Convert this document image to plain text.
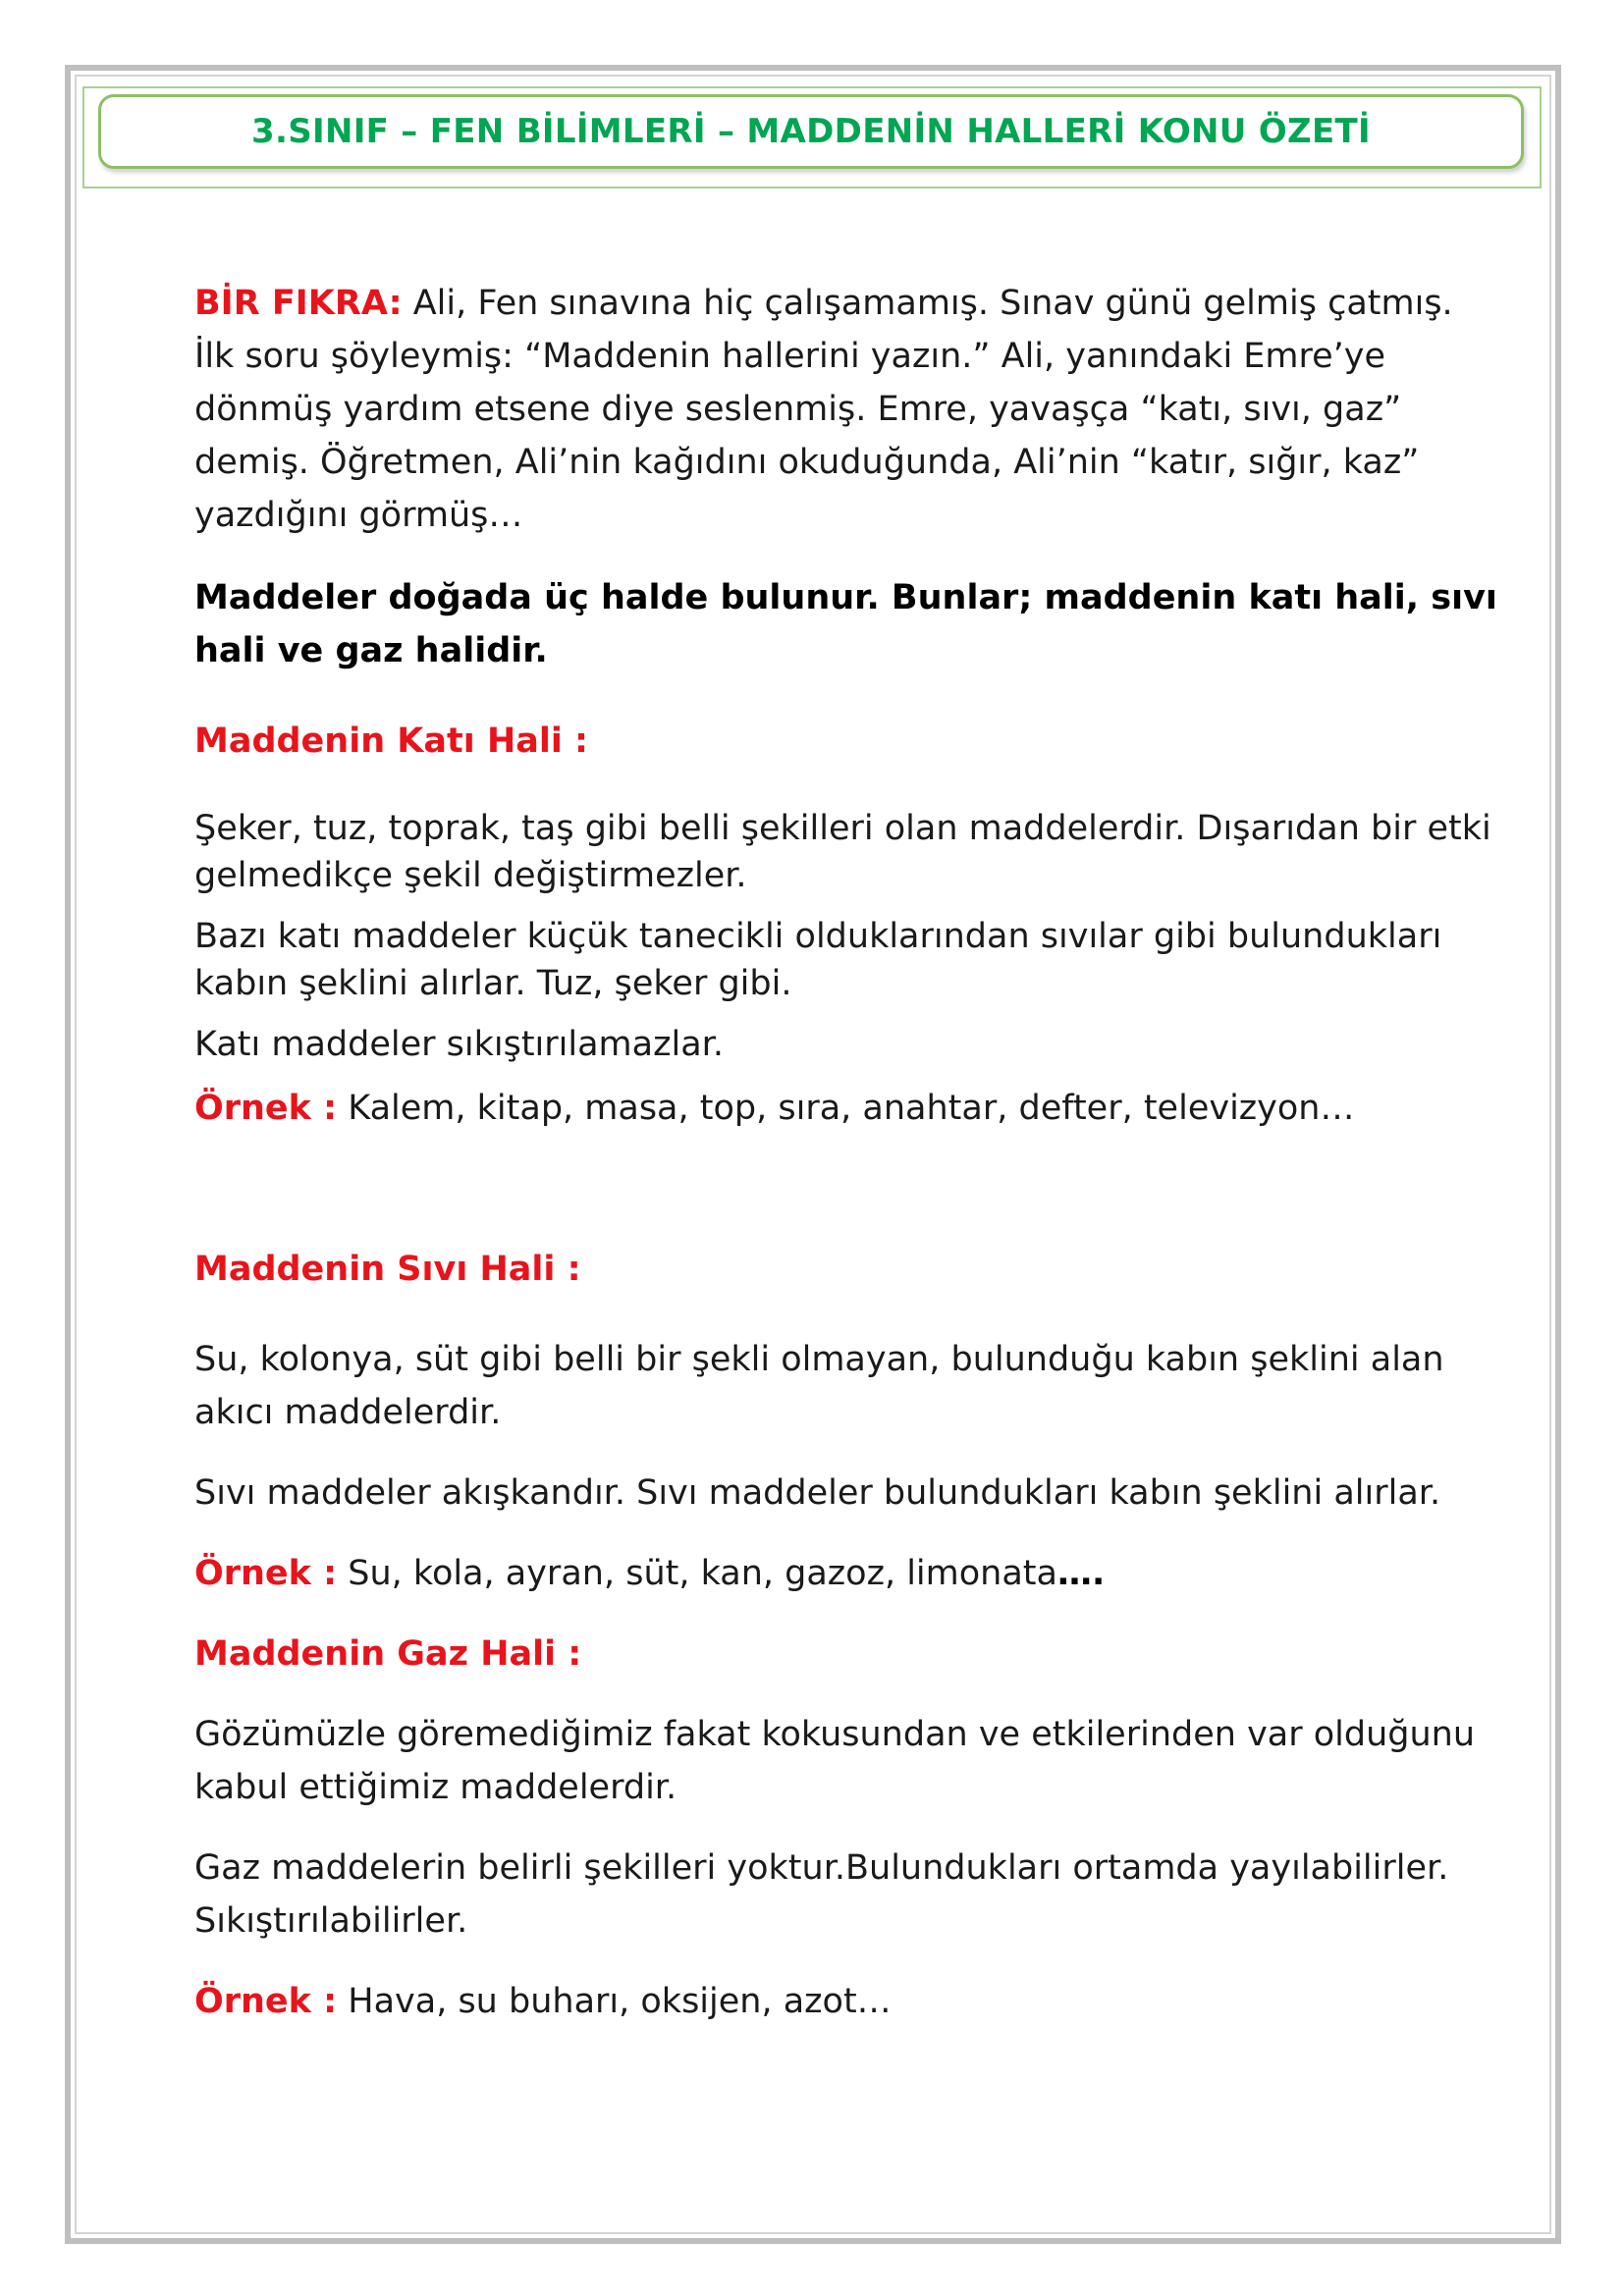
3.SINIF – FEN BİLİMLERİ – MADDENİN HALLERİ KONU ÖZETİ

BİR FIKRA: Ali, Fen sınavına hiç çalışamamış. Sınav günü gelmiş çatmış. İlk soru şöyleymiş: “Maddenin hallerini yazın.” Ali, yanındaki Emre’ye dönmüş yardım etsene diye seslenmiş. Emre, yavaşça “katı, sıvı, gaz” demiş. Öğretmen, Ali’nin kağıdını okuduğunda, Ali’nin “katır, sığır, kaz” yazdığını görmüş…

Maddeler doğada üç halde bulunur. Bunlar; maddenin katı hali, sıvı hali ve gaz halidir.

Maddenin Katı Hali :

Şeker, tuz, toprak, taş gibi belli şekilleri olan maddelerdir. Dışarıdan bir etki gelmedikçe şekil değiştirmezler.

Bazı katı maddeler küçük tanecikli olduklarından sıvılar gibi bulundukları kabın şeklini alırlar. Tuz, şeker gibi.

Katı maddeler sıkıştırılamazlar.

Örnek : Kalem, kitap, masa, top, sıra, anahtar, defter, televizyon…

Maddenin Sıvı Hali :

Su, kolonya, süt gibi belli bir şekli olmayan, bulunduğu kabın şeklini alan akıcı maddelerdir.

Sıvı maddeler akışkandır. Sıvı maddeler bulundukları kabın şeklini alırlar.

Örnek : Su, kola, ayran, süt, kan, gazoz, limonata….

Maddenin Gaz Hali :

Gözümüzle göremediğimiz fakat kokusundan ve etkilerinden var olduğunu kabul ettiğimiz maddelerdir.

Gaz maddelerin belirli şekilleri yoktur.Bulundukları ortamda yayılabilirler. Sıkıştırılabilirler.

Örnek : Hava, su buharı, oksijen, azot…
